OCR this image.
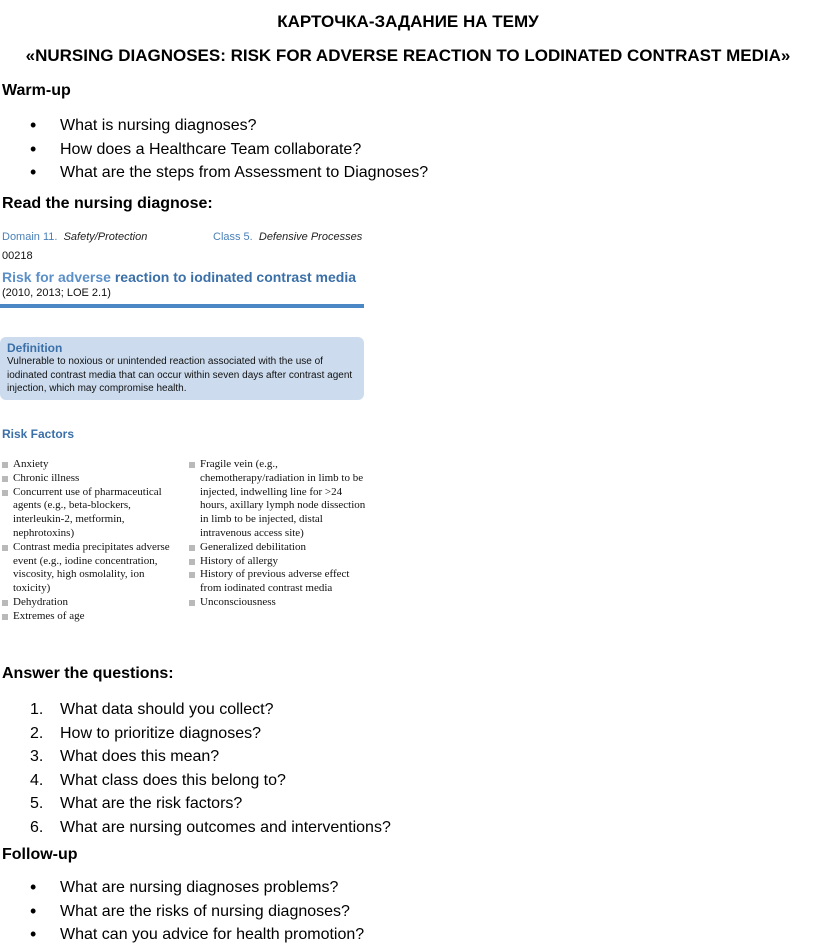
КАРТОЧКА-ЗАДАНИЕ НА ТЕМУ
«NURSING DIAGNOSES: RISK FOR ADVERSE REACTION TO LODINATED CONTRAST MEDIA»
Warm-up
• What is nursing diagnoses?
• How does a Healthcare Team collaborate?
• What are the steps from Assessment to Diagnoses?
Read the nursing diagnose:
Domain 11. Safety/Protection	Class 5. Defensive Processes
00218
Risk for adverse reaction to iodinated contrast media
(2010, 2013; LOE 2.1)
Definition
Vulnerable to noxious or unintended reaction associated with the use of iodinated contrast media that can occur within seven days after contrast agent injection, which may compromise health.
Risk Factors
Anxiety
Chronic illness
Concurrent use of pharmaceutical agents (e.g., beta-blockers, interleukin-2, metformin, nephrotoxins)
Contrast media precipitates adverse event (e.g., iodine concentration, viscosity, high osmolality, ion toxicity)
Dehydration
Extremes of age
Fragile vein (e.g., chemotherapy/radiation in limb to be injected, indwelling line for >24 hours, axillary lymph node dissection in limb to be injected, distal intravenous access site)
Generalized debilitation
History of allergy
History of previous adverse effect from iodinated contrast media
Unconsciousness
Answer the questions:
1. What data should you collect?
2. How to prioritize diagnoses?
3. What does this mean?
4. What class does this belong to?
5. What are the risk factors?
6. What are nursing outcomes and interventions?
Follow-up
• What are nursing diagnoses problems?
• What are the risks of nursing diagnoses?
• What can you advice for health promotion?
